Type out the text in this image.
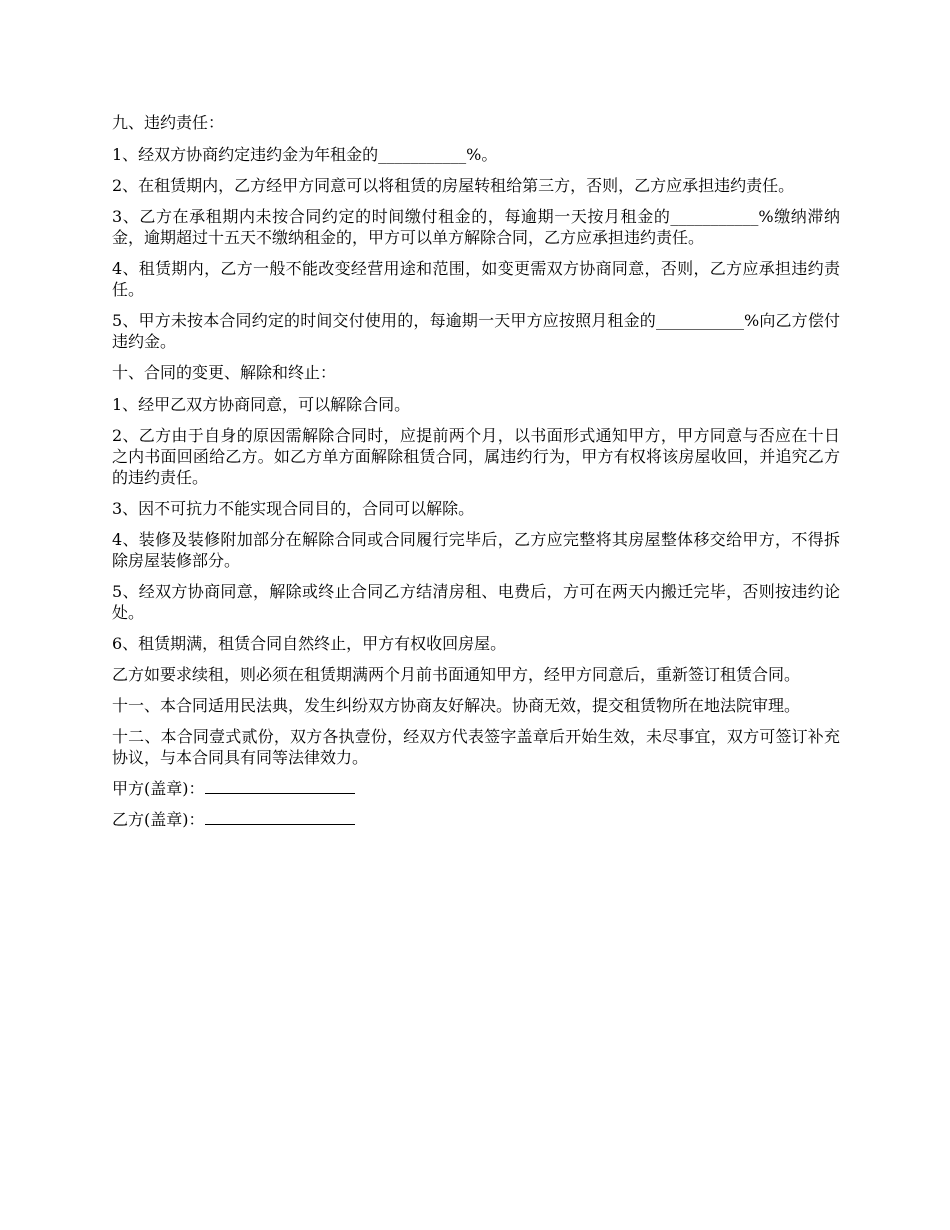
九、违约责任：

1、经双方协商约定违约金为年租金的___________%。

2、在租赁期内，乙方经甲方同意可以将租赁的房屋转租给第三方，否则，乙方应承担违约责任。

3、乙方在承租期内未按合同约定的时间缴付租金的，每逾期一天按月租金的___________%缴纳滞纳金，逾期超过十五天不缴纳租金的，甲方可以单方解除合同，乙方应承担违约责任。

4、租赁期内，乙方一般不能改变经营用途和范围，如变更需双方协商同意，否则，乙方应承担违约责任。

5、甲方未按本合同约定的时间交付使用的，每逾期一天甲方应按照月租金的___________%向乙方偿付违约金。

十、合同的变更、解除和终止：

1、经甲乙双方协商同意，可以解除合同。

2、乙方由于自身的原因需解除合同时，应提前两个月，以书面形式通知甲方，甲方同意与否应在十日之内书面回函给乙方。如乙方单方面解除租赁合同，属违约行为，甲方有权将该房屋收回，并追究乙方的违约责任。

3、因不可抗力不能实现合同目的，合同可以解除。

4、装修及装修附加部分在解除合同或合同履行完毕后，乙方应完整将其房屋整体移交给甲方，不得拆除房屋装修部分。

5、经双方协商同意，解除或终止合同乙方结清房租、电费后，方可在两天内搬迁完毕，否则按违约论处。

6、租赁期满，租赁合同自然终止，甲方有权收回房屋。

乙方如要求续租，则必须在租赁期满两个月前书面通知甲方，经甲方同意后，重新签订租赁合同。

十一、本合同适用民法典，发生纠纷双方协商友好解决。协商无效，提交租赁物所在地法院审理。

十二、本合同壹式贰份，双方各执壹份，经双方代表签字盖章后开始生效，未尽事宜，双方可签订补充协议，与本合同具有同等法律效力。

甲方(盖章)：

乙方(盖章)：
